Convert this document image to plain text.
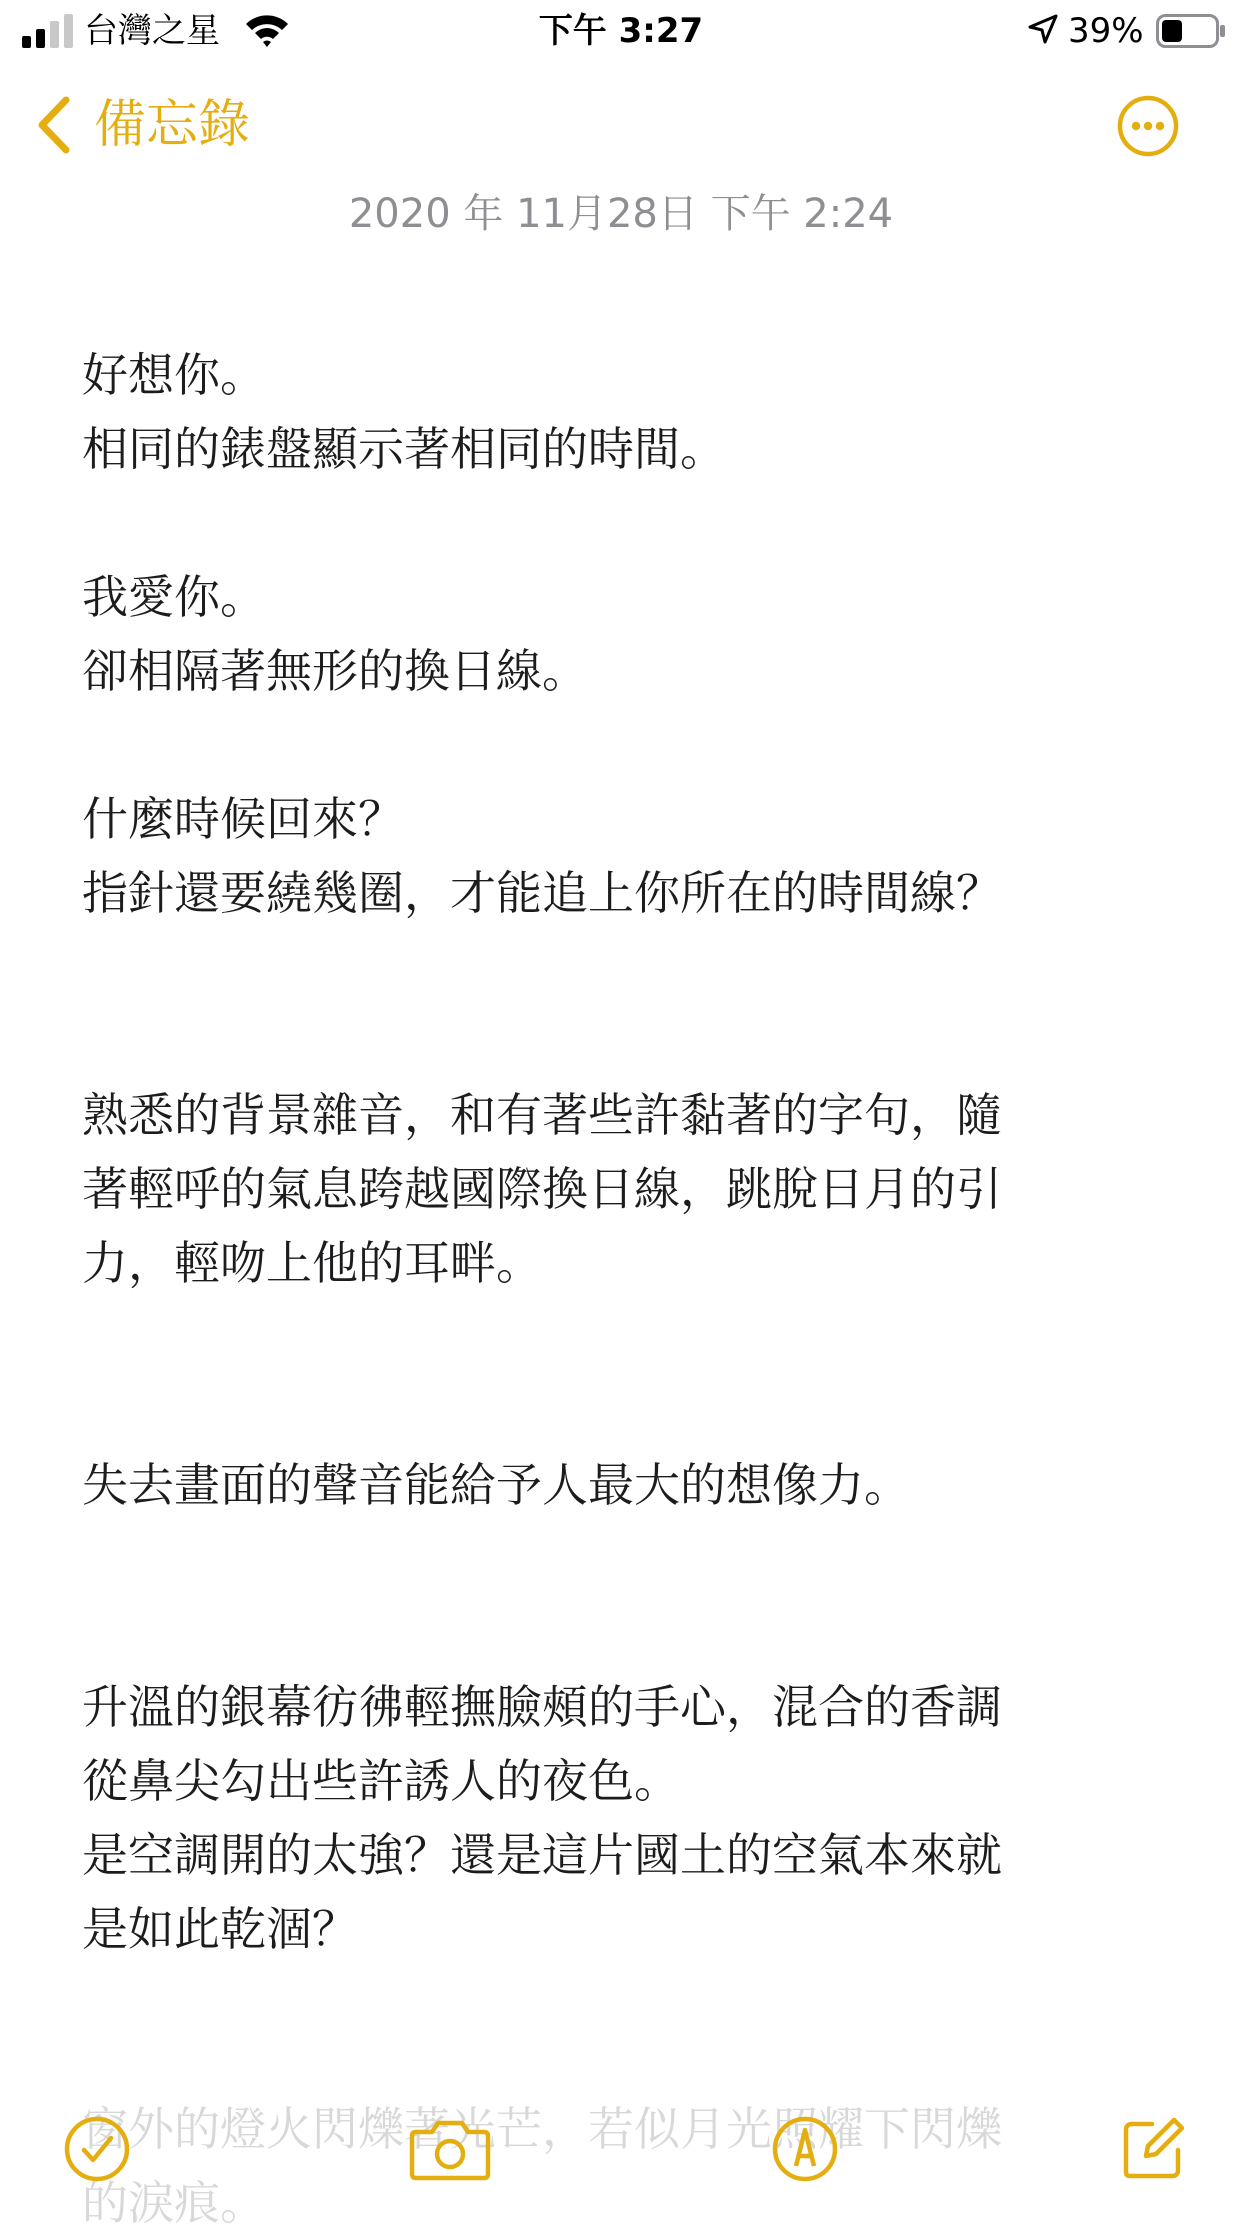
台灣之星	下午 3:27	39%
備忘錄
2020 年 11月28日 下午 2:24
好想你。
相同的錶盤顯示著相同的時間。
我愛你。
卻相隔著無形的換日線。
什麼時候回來？
指針還要繞幾圈，才能追上你所在的時間線？
熟悉的背景雜音，和有著些許黏著的字句，隨
著輕呼的氣息跨越國際換日線，跳脫日月的引
力，輕吻上他的耳畔。
失去畫面的聲音能給予人最大的想像力。
升溫的銀幕彷彿輕撫臉頰的手心，混合的香調
從鼻尖勾出些許誘人的夜色。
是空調開的太強？還是這片國土的空氣本來就
是如此乾涸？
窗外的燈火閃爍著光芒，若似月光照耀下閃爍
的淚痕。
